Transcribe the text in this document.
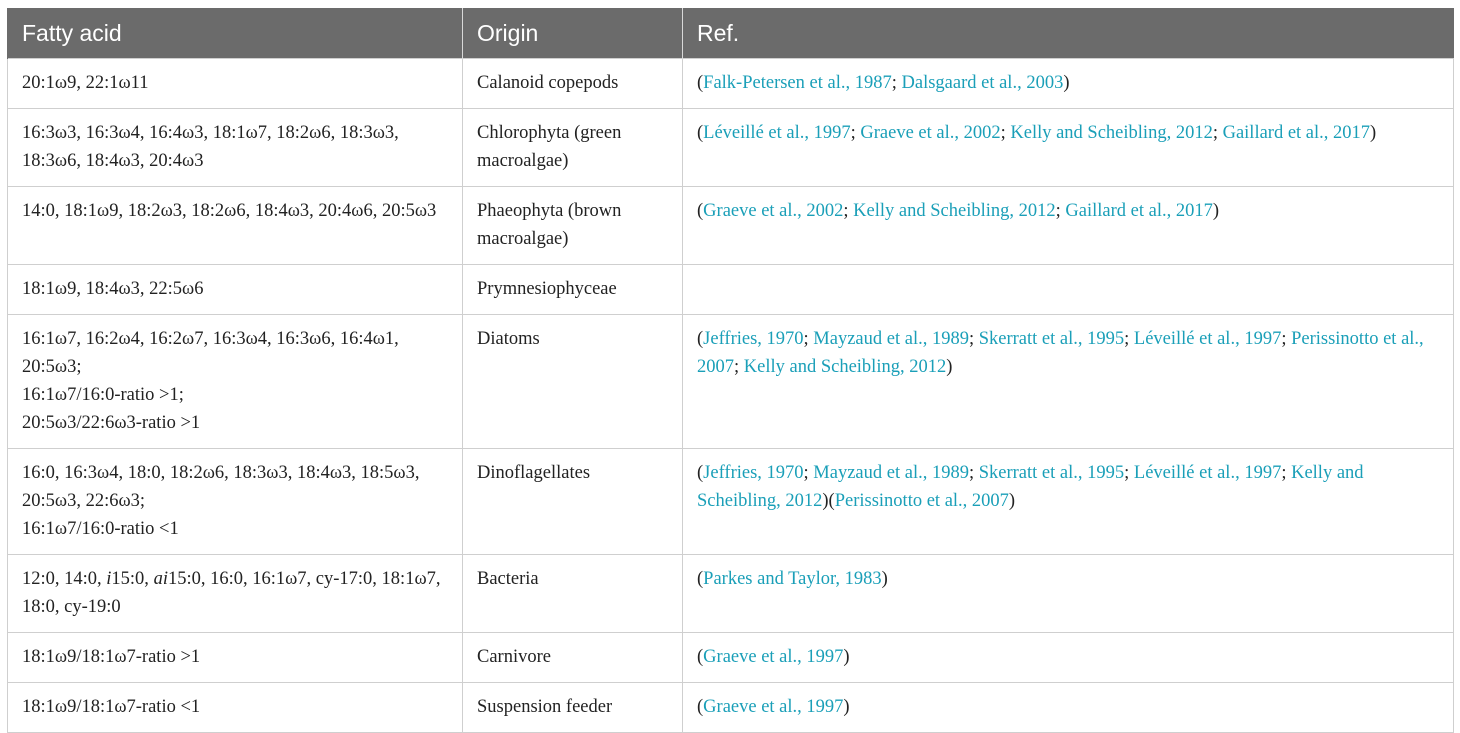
Fatty acid	Origin	Ref.

20:1ω9, 22:1ω11	Calanoid copepods	(Falk-Petersen et al., 1987; Dalsgaard et al., 2003)

16:3ω3, 16:3ω4, 16:4ω3, 18:1ω7, 18:2ω6, 18:3ω3, 18:3ω6, 18:4ω3, 20:4ω3	Chlorophyta (green macroalgae)	(Léveillé et al., 1997; Graeve et al., 2002; Kelly and Scheibling, 2012; Gaillard et al., 2017)

14:0, 18:1ω9, 18:2ω3, 18:2ω6, 18:4ω3, 20:4ω6, 20:5ω3	Phaeophyta (brown macroalgae)	(Graeve et al., 2002; Kelly and Scheibling, 2012; Gaillard et al., 2017)

18:1ω9, 18:4ω3, 22:5ω6	Prymnesiophyceae	

16:1ω7, 16:2ω4, 16:2ω7, 16:3ω4, 16:3ω6, 16:4ω1, 20:5ω3;
16:1ω7/16:0-ratio >1;
20:5ω3/22:6ω3-ratio >1	Diatoms	(Jeffries, 1970; Mayzaud et al., 1989; Skerratt et al., 1995; Léveillé et al., 1997; Perissinotto et al., 2007; Kelly and Scheibling, 2012)

16:0, 16:3ω4, 18:0, 18:2ω6, 18:3ω3, 18:4ω3, 18:5ω3, 20:5ω3, 22:6ω3;
16:1ω7/16:0-ratio <1	Dinoflagellates	(Jeffries, 1970; Mayzaud et al., 1989; Skerratt et al., 1995; Léveillé et al., 1997; Kelly and Scheibling, 2012)(Perissinotto et al., 2007)

12:0, 14:0, i15:0, ai15:0, 16:0, 16:1ω7, cy-17:0, 18:1ω7, 18:0, cy-19:0	Bacteria	(Parkes and Taylor, 1983)

18:1ω9/18:1ω7-ratio >1	Carnivore	(Graeve et al., 1997)

18:1ω9/18:1ω7-ratio <1	Suspension feeder	(Graeve et al., 1997)
